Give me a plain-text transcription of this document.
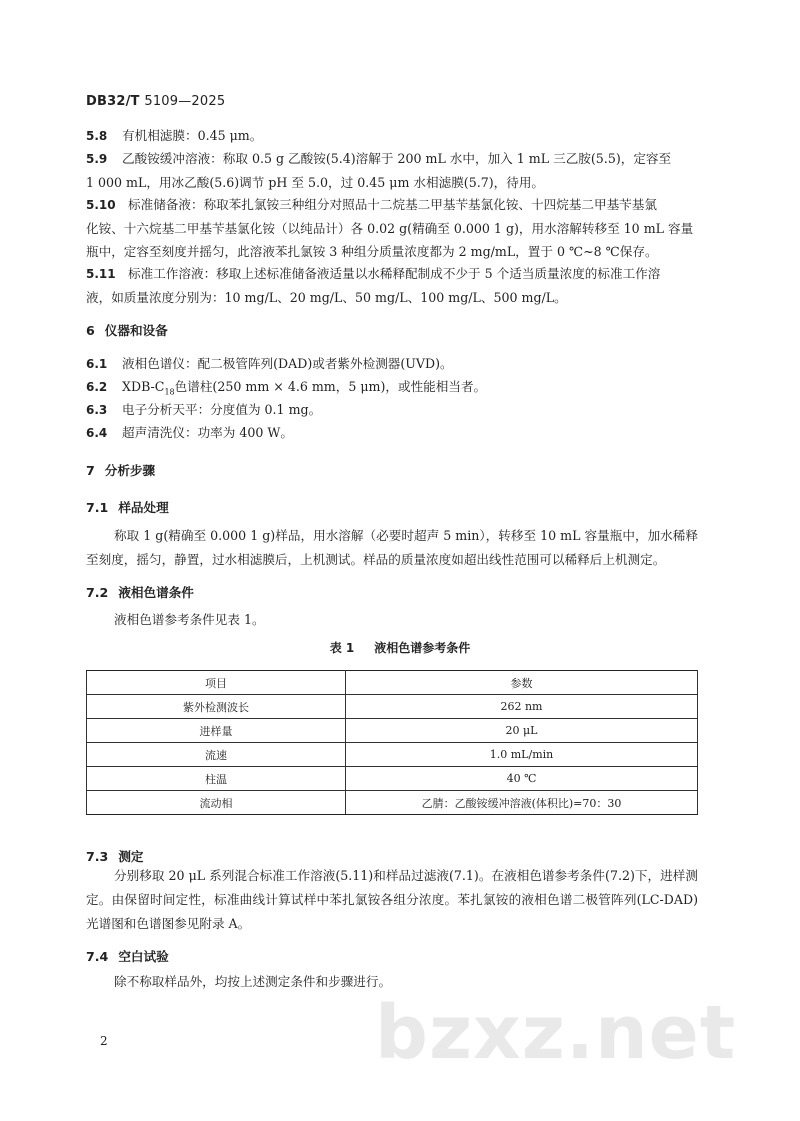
DB32/T 5109—2025
5.8 有机相滤膜：0.45 μm。
5.9 乙酸铵缓冲溶液：称取 0.5 g 乙酸铵(5.4)溶解于 200 mL 水中，加入 1 mL 三乙胺(5.5)，定容至
1 000 mL，用冰乙酸(5.6)调节 pH 至 5.0，过 0.45 μm 水相滤膜(5.7)，待用。
5.10 标准储备液：称取苯扎氯铵三种组分对照品十二烷基二甲基苄基氯化铵、十四烷基二甲基苄基氯
化铵、十六烷基二甲基苄基氯化铵（以纯品计）各 0.02 g(精确至 0.000 1 g)，用水溶解转移至 10 mL 容量
瓶中，定容至刻度并摇匀，此溶液苯扎氯铵 3 种组分质量浓度都为 2 mg/mL，置于 0 ℃~8 ℃保存。
5.11 标准工作溶液：移取上述标准储备液适量以水稀释配制成不少于 5 个适当质量浓度的标准工作溶
液，如质量浓度分别为：10 mg/L、20 mg/L、50 mg/L、100 mg/L、500 mg/L。
6 仪器和设备
6.1 液相色谱仪：配二极管阵列(DAD)或者紫外检测器(UVD)。
6.2 XDB-$C_{18}$色谱柱(250 mm × 4.6 mm，5 μm)，或性能相当者。
6.3 电子分析天平：分度值为 0.1 mg。
6.4 超声清洗仪：功率为 400 W。
7 分析步骤
7.1 样品处理
称取 1 g(精确至 0.000 1 g)样品，用水溶解（必要时超声 5 min），转移至 10 mL 容量瓶中，加水稀释至刻度，摇匀，静置，过水相滤膜后，上机测试。样品的质量浓度如超出线性范围可以稀释后上机测定。
7.2 液相色谱条件
液相色谱参考条件见表 1。
表 1 液相色谱参考条件
项目	参数
紫外检测波长	262 nm
进样量	20 μL
流速	1.0 mL/min
柱温	40 ℃
流动相	乙腈：乙酸铵缓冲溶液(体积比)=70：30
7.3 测定
分别移取 20 μL 系列混合标准工作溶液(5.11)和样品过滤液(7.1)。在液相色谱参考条件(7.2)下，进样测定。由保留时间定性，标准曲线计算试样中苯扎氯铵各组分浓度。苯扎氯铵的液相色谱二极管阵列(LC-DAD)光谱图和色谱图参见附录 A。
7.4 空白试验
除不称取样品外，均按上述测定条件和步骤进行。
bzxz.net
2
